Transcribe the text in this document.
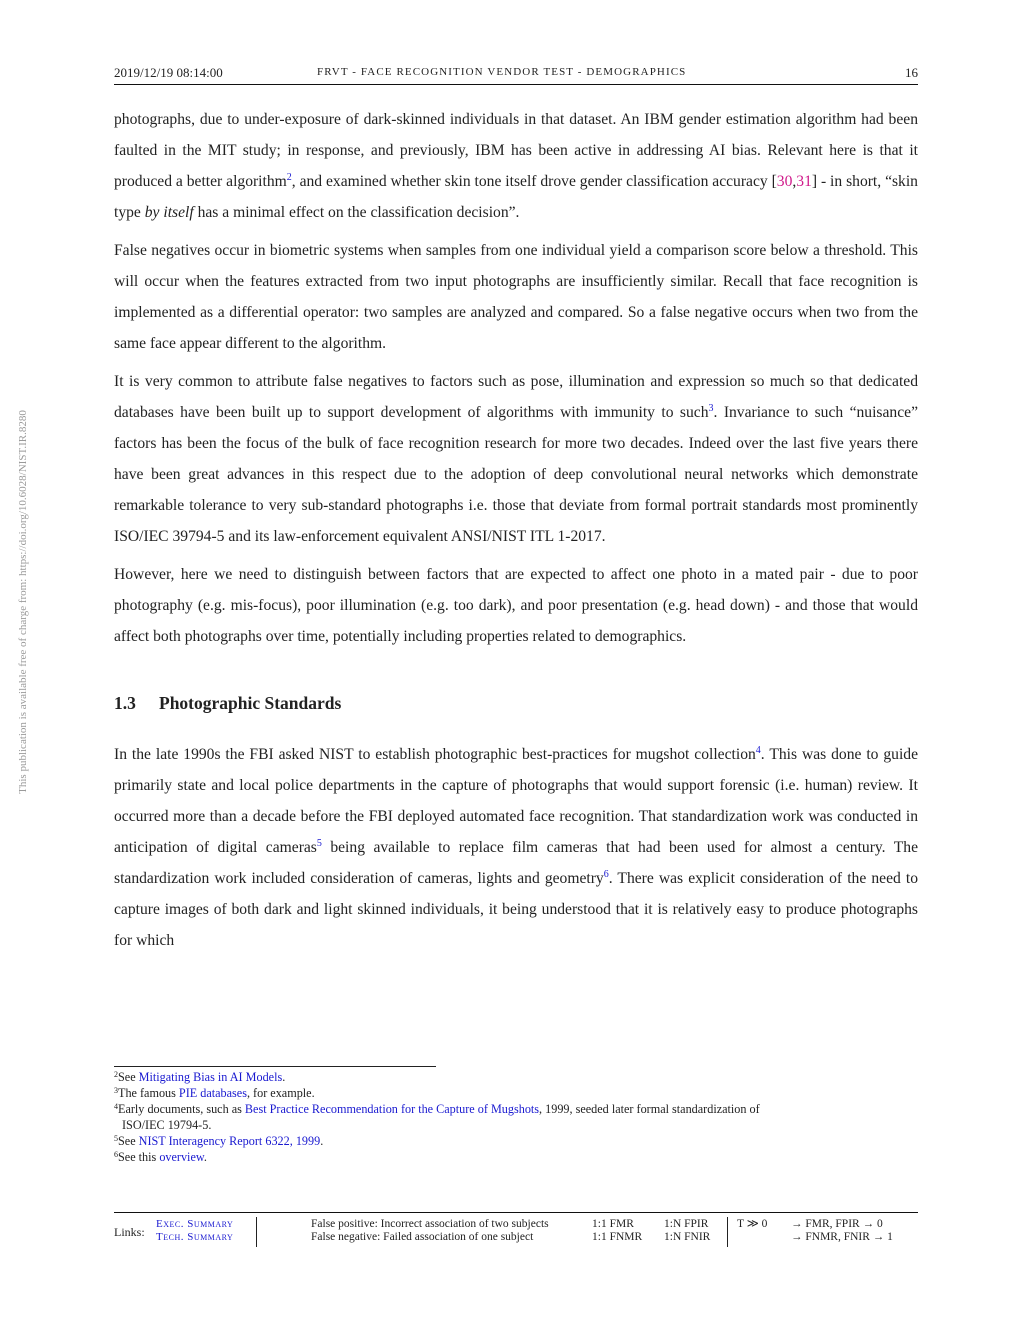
This publication is available free of charge from: https://doi.org/10.6028/NIST.IR.8280
2019/12/19 08:14:00	FRVT - FACE RECOGNITION VENDOR TEST - DEMOGRAPHICS	16

photographs, due to under-exposure of dark-skinned individuals in that dataset. An IBM gender estimation algorithm had been faulted in the MIT study; in response, and previously, IBM has been active in addressing AI bias. Relevant here is that it produced a better algorithm$^2$, and examined whether skin tone itself drove gender classification accuracy [30,31] - in short, “skin type by itself has a minimal effect on the classification decision”.

False negatives occur in biometric systems when samples from one individual yield a comparison score below a threshold. This will occur when the features extracted from two input photographs are insufficiently similar. Recall that face recognition is implemented as a differential operator: two samples are analyzed and compared. So a false negative occurs when two from the same face appear different to the algorithm.

It is very common to attribute false negatives to factors such as pose, illumination and expression so much so that dedicated databases have been built up to support development of algorithms with immunity to such$^3$. Invariance to such “nuisance” factors has been the focus of the bulk of face recognition research for more two decades. Indeed over the last five years there have been great advances in this respect due to the adoption of deep convolutional neural networks which demonstrate remarkable tolerance to very sub-standard photographs i.e. those that deviate from formal portrait standards most prominently ISO/IEC 39794-5 and its law-enforcement equivalent ANSI/NIST ITL 1-2017.

However, here we need to distinguish between factors that are expected to affect one photo in a mated pair - due to poor photography (e.g. mis-focus), poor illumination (e.g. too dark), and poor presentation (e.g. head down) - and those that would affect both photographs over time, potentially including properties related to demographics.

1.3 Photographic Standards

In the late 1990s the FBI asked NIST to establish photographic best-practices for mugshot collection$^4$. This was done to guide primarily state and local police departments in the capture of photographs that would support forensic (i.e. human) review. It occurred more than a decade before the FBI deployed automated face recognition. That standardization work was conducted in anticipation of digital cameras$^5$ being available to replace film cameras that had been used for almost a century. The standardization work included consideration of cameras, lights and geometry$^6$. There was explicit consideration of the need to capture images of both dark and light skinned individuals, it being understood that it is relatively easy to produce photographs for which

$^2$See Mitigating Bias in AI Models.
$^3$The famous PIE databases, for example.
$^4$Early documents, such as Best Practice Recommendation for the Capture of Mugshots, 1999, seeded later formal standardization of
ISO/IEC 19794-5.
$^5$See NIST Interagency Report 6322, 1999.
$^6$See this overview.
Links:
Exec. Summary
Tech. Summary
False positive: Incorrect association of two subjects
False negative: Failed association of one subject
1:1 FMR
1:1 FNMR
1:N FPIR
1:N FNIR
T ≫ 0 → FMR, FPIR → 0
→ FNMR, FNIR → 1
